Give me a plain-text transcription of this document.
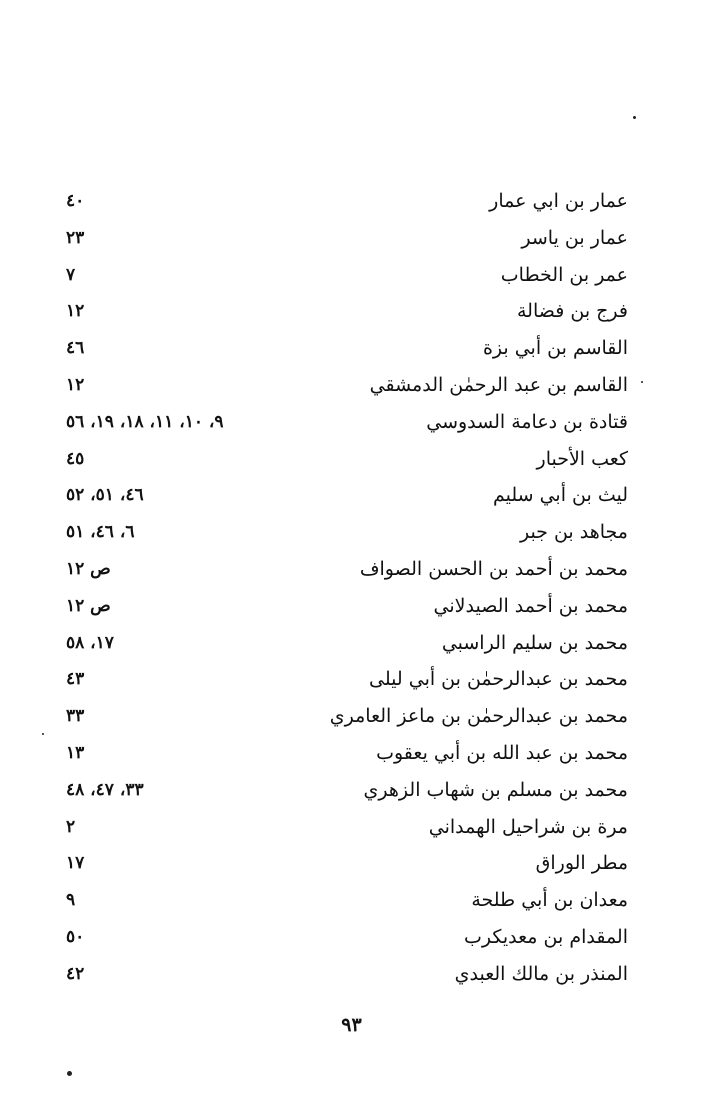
عمار بن ابي عمار
٤٠
عمار بن ياسر
٢٣
عمر بن الخطاب
٧
فرج بن فضالة
١٢
القاسم بن أبي بزة
٤٦
القاسم بن عبد الرحمٰن الدمشقي
١٢
قتادة بن دعامة السدوسي
٩، ١٠، ١١، ١٨، ١٩، ٥٦
كعب الأحبار
٤٥
ليث بن أبي سليم
٤٦، ٥١، ٥٢
مجاهد بن جبر
٦، ٤٦، ٥١
محمد بن أحمد بن الحسن الصواف
ص ١٢
محمد بن أحمد الصيدلاني
ص ١٢
محمد بن سليم الراسبي
١٧، ٥٨
محمد بن عبدالرحمٰن بن أبي ليلى
٤٣
محمد بن عبدالرحمٰن بن ماعز العامري
٣٣
محمد بن عبد الله بن أبي يعقوب
١٣
محمد بن مسلم بن شهاب الزهري
٣٣، ٤٧، ٤٨
مرة بن شراحيل الهمداني
٢
مطر الوراق
١٧
معدان بن أبي طلحة
٩
المقدام بن معديكرب
٥٠
المنذر بن مالك العبدي
٤٢
٩٣
